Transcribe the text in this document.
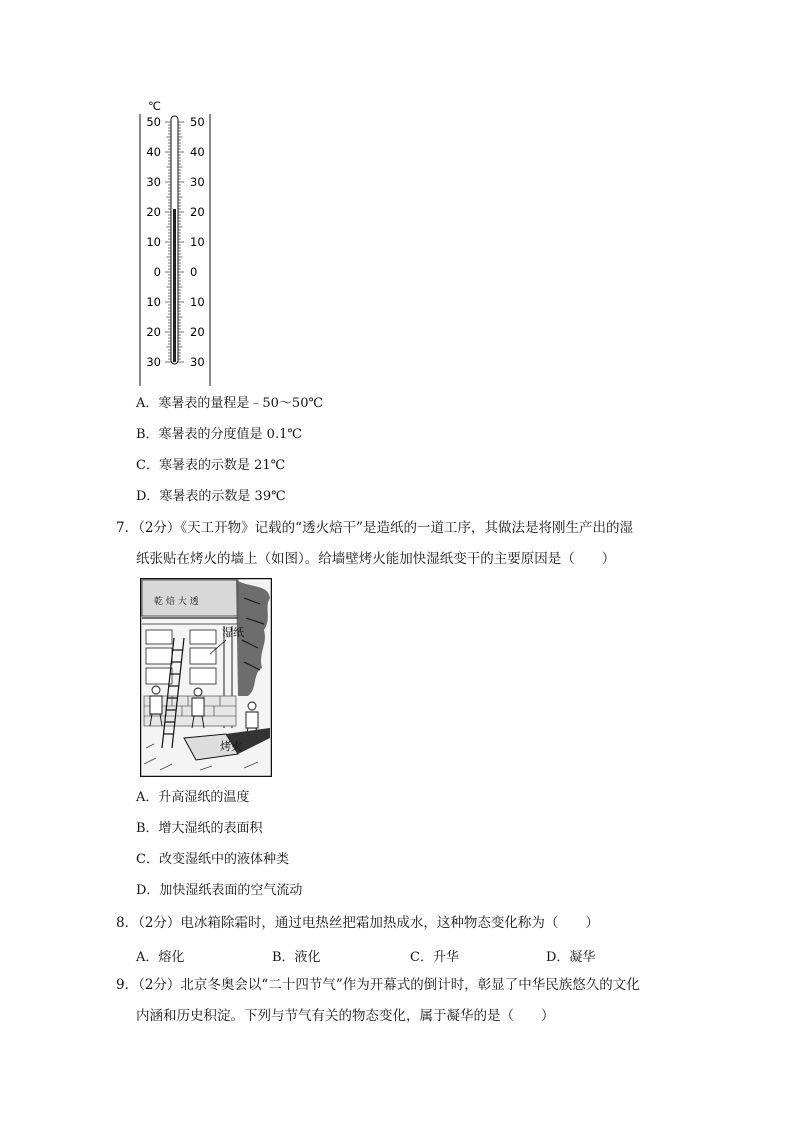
℃
50
40
30
20
10
0
10
20
30
50
40
30
20
10
0
10
20
30
A．寒暑表的量程是﹣50～50℃
B．寒暑表的分度值是 0.1℃
C．寒暑表的示数是 21℃
D．寒暑表的示数是 39℃
7．（2分）《天工开物》记载的“透火焙干”是造纸的一道工序，其做法是将刚生产出的湿
纸张贴在烤火的墙上（如图）。给墙壁烤火能加快湿纸变干的主要原因是（　　）
乾 焙 大 透
湿纸
烤火
A．升高湿纸的温度
B．增大湿纸的表面积
C．改变湿纸中的液体种类
D．加快湿纸表面的空气流动
8．（2分）电冰箱除霜时，通过电热丝把霜加热成水，这种物态变化称为（　　）
A．熔化	B．液化	C．升华	D．凝华
9．（2分）北京冬奥会以“二十四节气”作为开幕式的倒计时，彰显了中华民族悠久的文化
内涵和历史积淀。下列与节气有关的物态变化，属于凝华的是（　　）
